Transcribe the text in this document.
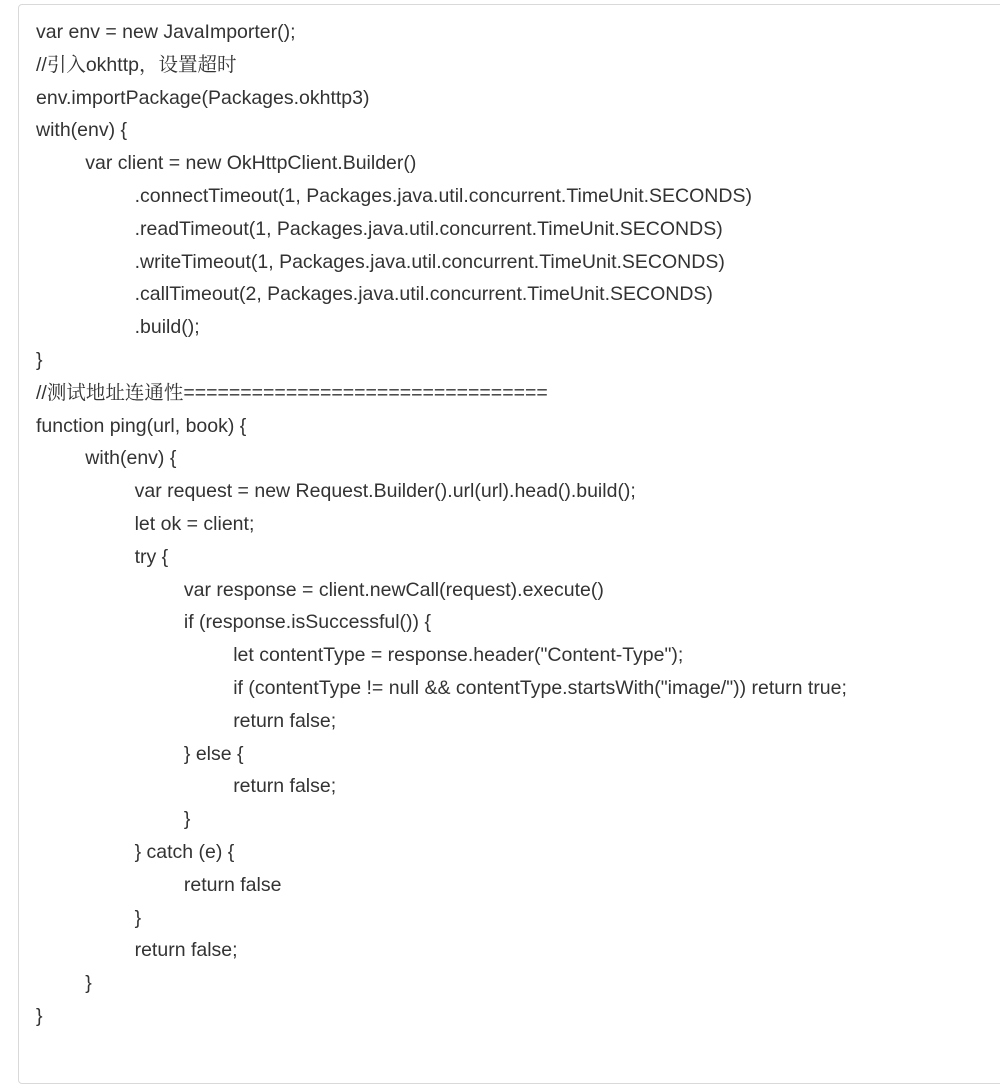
var env = new JavaImporter();
//引入okhttp，设置超时
env.importPackage(Packages.okhttp3)
with(env) {
var client = new OkHttpClient.Builder()
.connectTimeout(1, Packages.java.util.concurrent.TimeUnit.SECONDS)
.readTimeout(1, Packages.java.util.concurrent.TimeUnit.SECONDS)
.writeTimeout(1, Packages.java.util.concurrent.TimeUnit.SECONDS)
.callTimeout(2, Packages.java.util.concurrent.TimeUnit.SECONDS)
.build();
}
//测试地址连通性================================
function ping(url, book) {
with(env) {
var request = new Request.Builder().url(url).head().build();
let ok = client;
try {
var response = client.newCall(request).execute()
if (response.isSuccessful()) {
let contentType = response.header("Content-Type");
if (contentType != null && contentType.startsWith("image/")) return true;
return false;
} else {
return false;
}
} catch (e) {
return false
}
return false;
}
}
